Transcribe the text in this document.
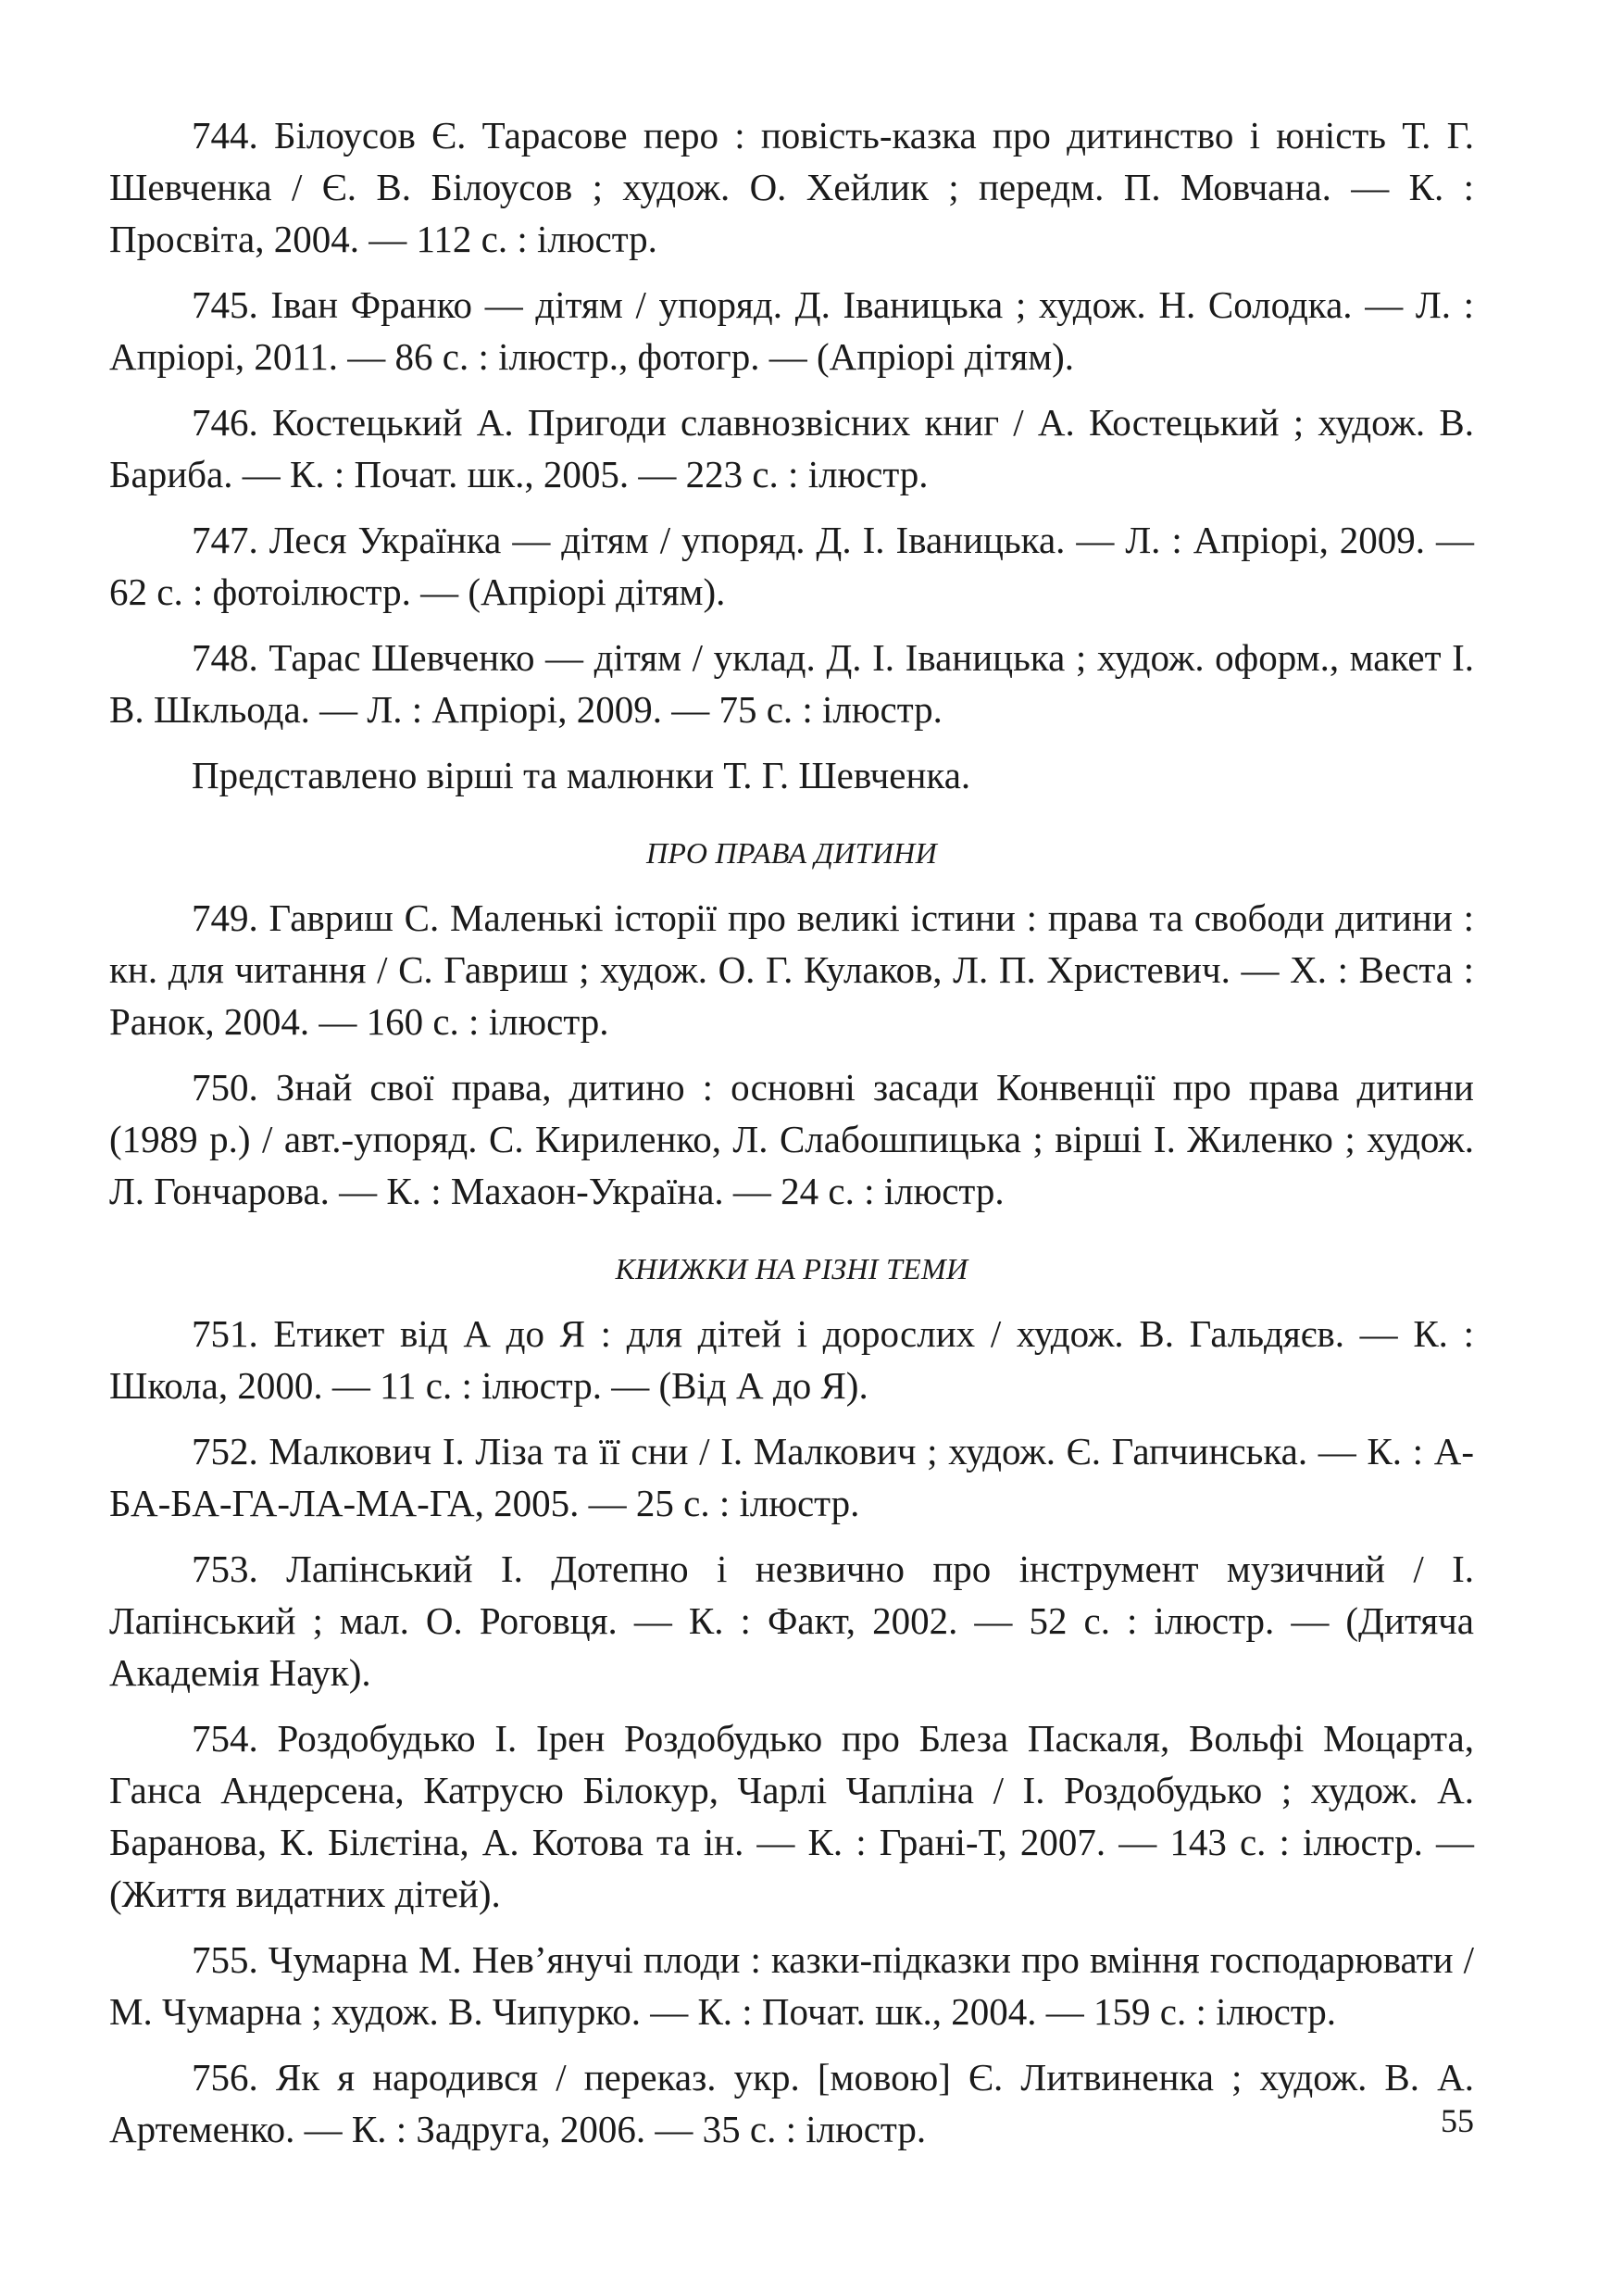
744. Білоусов Є. Тарасове перо : повість-казка про дитинство і юність Т. Г. Шевченка / Є. В. Білоусов ; худож. О. Хейлик ; передм. П. Мовчана. — К. : Просвіта, 2004. — 112 с. : ілюстр.

745. Іван Франко — дітям / упоряд. Д. Іваницька ; худож. Н. Солодка. — Л. : Апріорі, 2011. — 86 с. : ілюстр., фотогр. — (Апріорі дітям).

746. Костецький А. Пригоди славнозвісних книг / А. Костецький ; худож. В. Бариба. — К. : Почат. шк., 2005. — 223 с. : ілюстр.

747. Леся Українка — дітям / упоряд. Д. І. Іваницька. — Л. : Апріорі, 2009. — 62 с. : фотоілюстр. — (Апріорі дітям).

748. Тарас Шевченко — дітям / уклад. Д. І. Іваницька ; худож. оформ., макет І. В. Шкльода. — Л. : Апріорі, 2009. — 75 с. : ілюстр.

Представлено вірші та малюнки Т. Г. Шевченка.

ПРО ПРАВА ДИТИНИ

749. Гавриш С. Маленькі історії про великі істини : права та свободи дитини : кн. для читання / С. Гавриш ; худож. О. Г. Кулаков, Л. П. Христевич. — Х. : Веста : Ранок, 2004. — 160 с. : ілюстр.

750. Знай свої права, дитино : основні засади Конвенції про права дитини (1989 р.) / авт.-упоряд. С. Кириленко, Л. Слабошпицька ; вірші І. Жиленко ; худож. Л. Гончарова. — К. : Махаон-Україна. — 24 с. : ілюстр.

КНИЖКИ НА РІЗНІ ТЕМИ

751. Етикет від А до Я : для дітей і дорослих / худож. В. Гальдяєв. — К. : Школа, 2000. — 11 с. : ілюстр. — (Від А до Я).

752. Малкович І. Ліза та її сни / І. Малкович ; худож. Є. Гапчинська. — К. : А-БА-БА-ГА-ЛА-МА-ГА, 2005. — 25 с. : ілюстр.

753. Лапінський І. Дотепно і незвично про інструмент музичний / І. Лапінський ; мал. О. Роговця. — К. : Факт, 2002. — 52 с. : ілюстр. — (Дитяча Академія Наук).

754. Роздобудько І. Ірен Роздобудько про Блеза Паскаля, Вольфі Моцарта, Ганса Андерсена, Катрусю Білокур, Чарлі Чапліна / І. Роздобудько ; худож. А. Баранова, К. Білєтіна, А. Котова та ін. — К. : Грані-Т, 2007. — 143 с. : ілюстр. — (Життя видатних дітей).

755. Чумарна М. Нев’янучі плоди : казки-підказки про вміння господарювати / М. Чумарна ; худож. В. Чипурко. — К. : Почат. шк., 2004. — 159 с. : ілюстр.

756. Як я народився / переказ. укр. [мовою] Є. Литвиненка ; худож. В. А. Артеменко. — К. : Задруга, 2006. — 35 с. : ілюстр.	55
